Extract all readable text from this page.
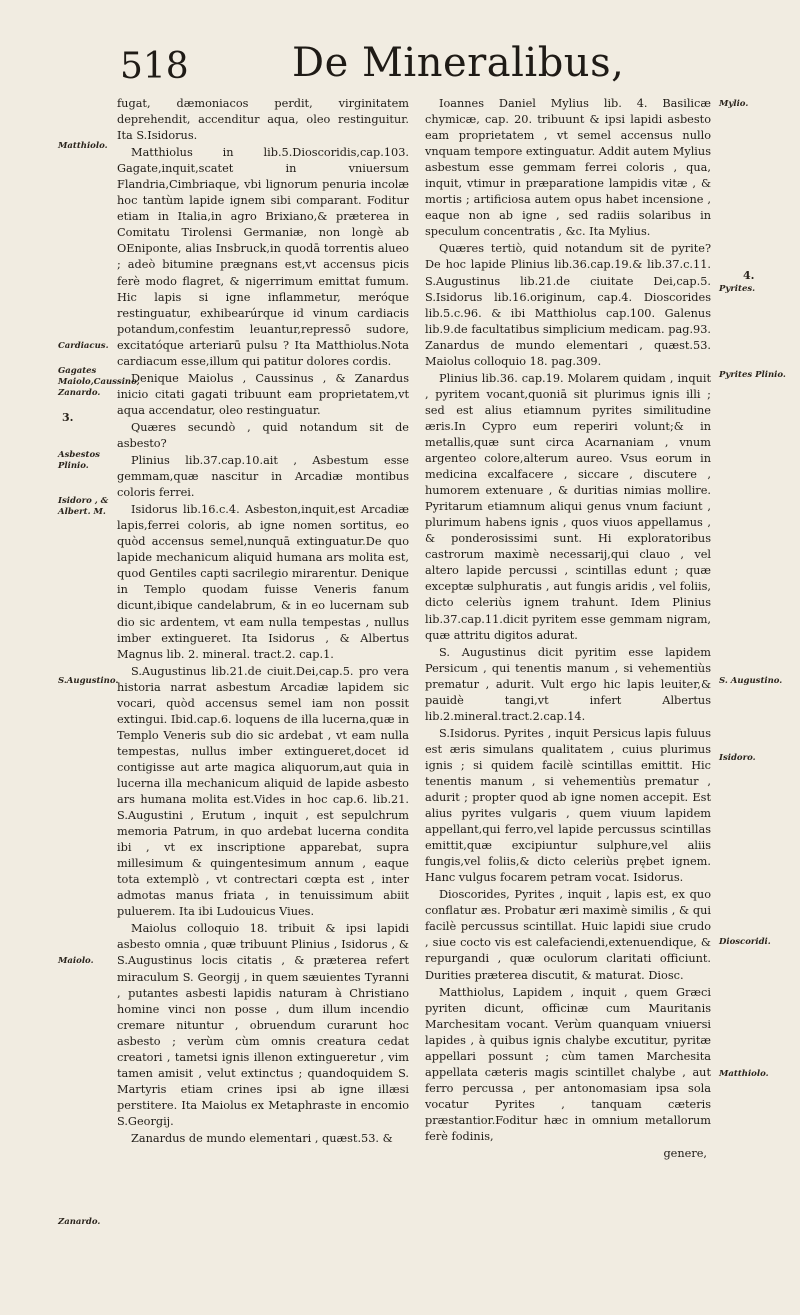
518	De Mineralibus,
Matthiolo.
Cardiacus.
Gagates Maiolo,Caussino, Zanardo.
3.
Asbestos Plinio.
Isidoro , & Albert. M.
S.Augustino.
Maiolo.
Zanardo.
Mylio.
4.
Pyrites.
Pyrites Plinio.
S. Augustino.
Isidoro.
Dioscoridi.
Matthiolo.

fugat, dæmoniacos perdit, virginitatem deprehendit, accenditur aqua, oleo restinguitur. Ita S.Isidorus.

Matthiolus in lib.5.Dioscoridis,cap.103. Gagate,inquit,scatet in vniuersum Flandria,Cimbriaque, vbi lignorum penuria incolæ hoc tantùm lapide ignem sibi comparant. Foditur etiam in Italia,in agro Brixiano,& præterea in Comitatu Tirolensi Germaniæ, non longè ab OEniponte, alias Insbruck,in quodā torrentis alueo ; adeò bitumine prægnans est,vt accensus picis ferè modo flagret, & nigerrimum emittat fumum. Hic lapis si igne inflammetur, meróque restinguatur, exhibearúrque id vinum cardiacis potandum,confestim leuantur,repressō sudore, excitatóque arteriarū pulsu ? Ita Matthiolus.Nota cardiacum esse,illum qui patitur dolores cordis.

Denique Maiolus , Caussinus , & Zanardus inicio citati gagati tribuunt eam proprietatem,vt aqua accendatur, oleo restinguatur.

Quæres secundò , quid notandum sit de asbesto?

Plinius lib.37.cap.10.ait , Asbestum esse gemmam,quæ nascitur in Arcadiæ montibus coloris ferrei.

Isidorus lib.16.c.4. Asbeston,inquit,est Arcadiæ lapis,ferrei coloris, ab igne nomen sortitus, eo quòd accensus semel,nunquā extinguatur.De quo lapide mechanicum aliquid humana ars molita est, quod Gentiles capti sacrilegio mirarentur. Denique in Templo quodam fuisse Veneris fanum dicunt,ibique candelabrum, & in eo lucernam sub dio sic ardentem, vt eam nulla tempestas , nullus imber extingueret. Ita Isidorus , & Albertus Magnus lib. 2. mineral. tract.2. cap.1.

S.Augustinus lib.21.de ciuit.Dei,cap.5. pro vera historia narrat asbestum Arcadiæ lapidem sic vocari, quòd accensus semel iam non possit extingui. Ibid.cap.6. loquens de illa lucerna,quæ in Templo Veneris sub dio sic ardebat , vt eam nulla tempestas, nullus imber extingueret,docet id contigisse aut arte magica aliquorum,aut quia in lucerna illa mechanicum aliquid de lapide asbesto ars humana molita est.Vides in hoc cap.6. lib.21. S.Augustini , Erutum , inquit , est sepulchrum memoria Patrum, in quo ardebat lucerna condita ibi , vt ex inscriptione apparebat, supra millesimum & quingentesimum annum , eaque tota extemplò , vt contrectari cœpta est , inter admotas manus friata , in tenuissimum abiit puluerem. Ita ibi Ludouicus Viues.

Maiolus colloquio 18. tribuit & ipsi lapidi asbesto omnia , quæ tribuunt Plinius , Isidorus , & S.Augustinus locis citatis , & præterea refert miraculum S. Georgij , in quem sæuientes Tyranni , putantes asbesti lapidis naturam à Christiano homine vinci non posse , dum illum incendio cremare nituntur , obruendum curarunt hoc asbesto ; verùm cùm omnis creatura cedat creatori , tametsi ignis illenon extingueretur , vim tamen amisit , velut extinctus ; quandoquidem S. Martyris etiam crines ipsi ab igne illæsi perstitere. Ita Maiolus ex Metaphraste in encomio S.Georgij.

Zanardus de mundo elementari , quæst.53. &

Ioannes Daniel Mylius lib. 4. Basilicæ chymicæ, cap. 20. tribuunt & ipsi lapidi asbesto eam proprietatem , vt semel accensus nullo vnquam tempore extinguatur. Addit autem Mylius asbestum esse gemmam ferrei coloris , qua, inquit, vtimur in præparatione lampidis vitæ , & mortis ; artificiosa autem opus habet incensione , eaque non ab igne , sed radiis solaribus in speculum concentratis , &c. Ita Mylius.

Quæres tertiò, quid notandum sit de pyrite? De hoc lapide Plinius lib.36.cap.19.& lib.37.c.11. S.Augustinus lib.21.de ciuitate Dei,cap.5. S.Isidorus lib.16.originum, cap.4. Dioscorides lib.5.c.96. & ibi Matthiolus cap.100. Galenus lib.9.de facultatibus simplicium medicam. pag.93. Zanardus de mundo elementari , quæst.53. Maiolus colloquio 18. pag.309.

Plinius lib.36. cap.19. Molarem quidam , inquit , pyritem vocant,quoniā sit plurimus ignis illi ; sed est alius etiamnum pyrites similitudine æris.In Cypro eum reperiri volunt;& in metallis,quæ sunt circa Acarnaniam , vnum argenteo colore,alterum aureo. Vsus eorum in medicina excalfacere , siccare , discutere , humorem extenuare , & duritias nimias mollire. Pyritarum etiamnum aliqui genus vnum faciunt , plurimum habens ignis , quos viuos appellamus , & ponderosissimi sunt. Hi exploratoribus castrorum maximè necessarij,qui clauo , vel altero lapide percussi , scintillas edunt ; quæ exceptæ sulphuratis , aut fungis aridis , vel foliis, dicto celeriùs ignem trahunt. Idem Plinius lib.37.cap.11.dicit pyritem esse gemmam nigram, quæ attritu digitos adurat.

S. Augustinus dicit pyritim esse lapidem Persicum , qui tenentis manum , si vehementiùs prematur , adurit. Vult ergo hic lapis leuiter,& pauidè tangi,vt infert Albertus lib.2.mineral.tract.2.cap.14.

S.Isidorus. Pyrites , inquit Persicus lapis fuluus est æris simulans qualitatem , cuius plurimus ignis ; si quidem facilè scintillas emittit. Hic tenentis manum , si vehementiùs prematur , adurit ; propter quod ab igne nomen accepit. Est alius pyrites vulgaris , quem viuum lapidem appellant,qui ferro,vel lapide percussus scintillas emittit,quæ excipiuntur sulphure,vel aliis fungis,vel foliis,& dicto celeriùs prębet ignem. Hanc vulgus focarem petram vocat. Isidorus.

Dioscorides, Pyrites , inquit , lapis est, ex quo conflatur æs. Probatur æri maximè similis , & qui facilè percussus scintillat. Huic lapidi siue crudo , siue cocto vis est calefaciendi,extenuendique, & repurgandi , quæ oculorum claritati officiunt. Durities præterea discutit, & maturat. Diosc.

Matthiolus, Lapidem , inquit , quem Græci pyriten dicunt, officinæ cum Mauritanis Marchesitam vocant. Verùm quanquam vniuersi lapides , à quibus ignis chalybe excutitur, pyritæ appellari possunt ; cùm tamen Marchesita appellata cæteris magis scintillet chalybe , aut ferro percussa , per antonomasiam ipsa sola vocatur Pyrites , tanquam cæteris præstantior.Foditur hæc in omnium metallorum ferè fodinis,

genere,
